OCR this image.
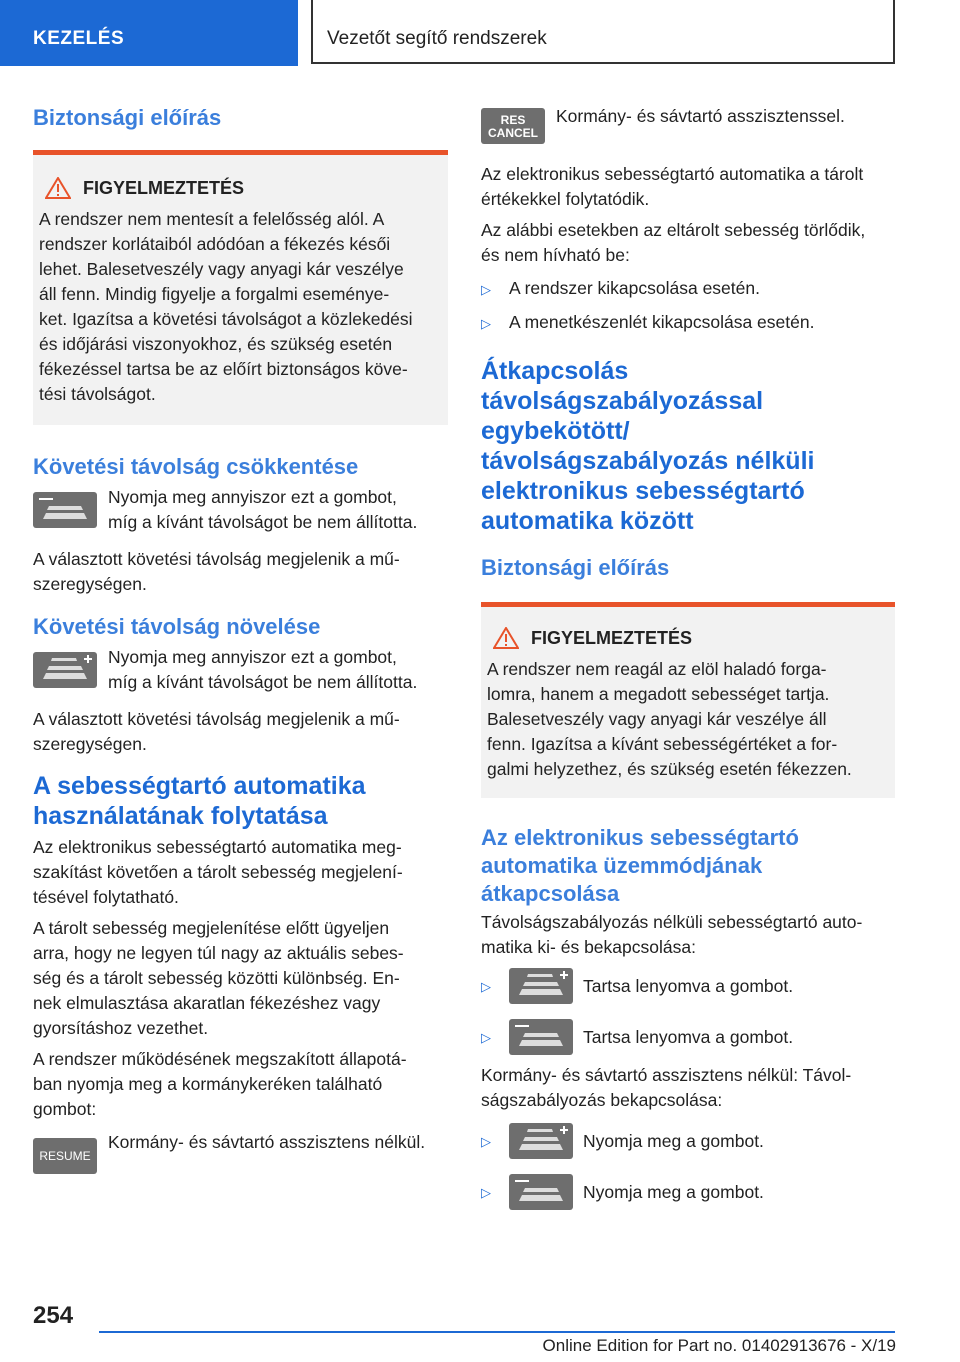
KEZELÉS	Vezetőt segítő rendszerek
Biztonsági előírás
FIGYELMEZTETÉS
A rendszer nem mentesít a felelősség alól. A
rendszer korlátaiból adódóan a fékezés késői
lehet. Balesetveszély vagy anyagi kár veszélye
áll fenn. Mindig figyelje a forgalmi eseménye-
ket. Igazítsa a követési távolságot a közlekedési
és időjárási viszonyokhoz, és szükség esetén
fékezéssel tartsa be az előírt biztonságos köve-
tési távolságot.
Követési távolság csökkentése
Nyomja meg annyiszor ezt a gombot,
míg a kívánt távolságot be nem állította.
A választott követési távolság megjelenik a mű-
szeregységen.
Követési távolság növelése
Nyomja meg annyiszor ezt a gombot,
míg a kívánt távolságot be nem állította.
A választott követési távolság megjelenik a mű-
szeregységen.
A sebességtartó automatika
használatának folytatása
Az elektronikus sebességtartó automatika meg-
szakítást követően a tárolt sebesség megjelení-
tésével folytatható.
A tárolt sebesség megjelenítése előtt ügyeljen
arra, hogy ne legyen túl nagy az aktuális sebes-
ség és a tárolt sebesség közötti különbség. En-
nek elmulasztása akaratlan fékezéshez vagy
gyorsításhoz vezethet.
A rendszer működésének megszakított állapotá-
ban nyomja meg a kormánykeréken található
gombot:
RESUME
Kormány- és sávtartó asszisztens nélkül.
RES
CANCEL
Kormány- és sávtartó asszisztenssel.
Az elektronikus sebességtartó automatika a tárolt
értékekkel folytatódik.
Az alábbi esetekben az eltárolt sebesség törlődik,
és nem hívható be:
▷	A rendszer kikapcsolása esetén.
▷	A menetkészenlét kikapcsolása esetén.
Átkapcsolás
távolságszabályozással
egybekötött/
távolságszabályozás nélküli
elektronikus sebességtartó
automatika között
Biztonsági előírás
FIGYELMEZTETÉS
A rendszer nem reagál az elöl haladó forga-
lomra, hanem a megadott sebességet tartja.
Balesetveszély vagy anyagi kár veszélye áll
fenn. Igazítsa a kívánt sebességértéket a for-
galmi helyzethez, és szükség esetén fékezzen.
Az elektronikus sebességtartó
automatika üzemmódjának
átkapcsolása
Távolságszabályozás nélküli sebességtartó auto-
matika ki- és bekapcsolása:
▷	Tartsa lenyomva a gombot.
▷	Tartsa lenyomva a gombot.
Kormány- és sávtartó asszisztens nélkül: Távol-
ságszabályozás bekapcsolása:
▷	Nyomja meg a gombot.
▷	Nyomja meg a gombot.
254
Online Edition for Part no. 01402913676 - X/19
